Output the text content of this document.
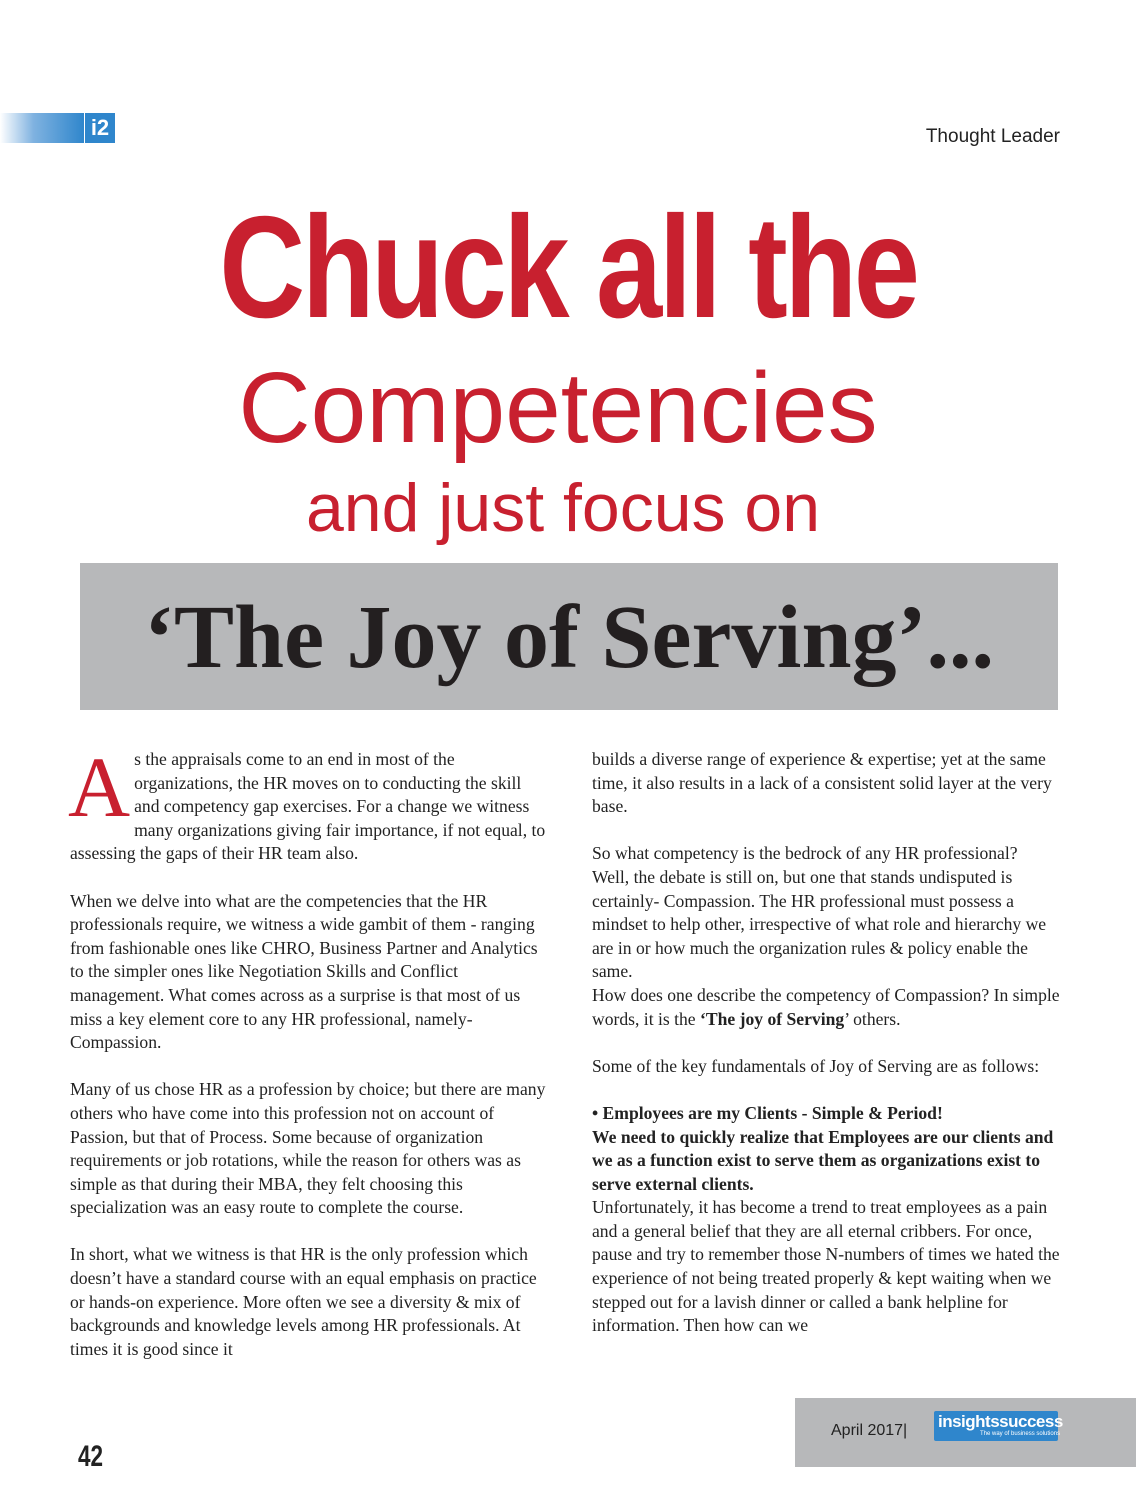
i2	Thought Leader
Chuck all the
Competencies
and just focus on
‘The Joy of Serving’...

As the appraisals come to an end in most of the organizations, the HR moves on to conducting the skill and competency gap exercises. For a change we witness many organizations giving fair importance, if not equal, to assessing the gaps of their HR team also.

When we delve into what are the competencies that the HR professionals require, we witness a wide gambit of them - ranging from fashionable ones like CHRO, Business Partner and Analytics to the simpler ones like Negotiation Skills and Conflict management. What comes across as a surprise is that most of us miss a key element core to any HR professional, namely- Compassion.

Many of us chose HR as a profession by choice; but there are many others who have come into this profession not on account of Passion, but that of Process. Some because of organization requirements or job rotations, while the reason for others was as simple as that during their MBA, they felt choosing this specialization was an easy route to complete the course.

In short, what we witness is that HR is the only profession which doesn’t have a standard course with an equal emphasis on practice or hands-on experience. More often we see a diversity & mix of backgrounds and knowledge levels among HR professionals. At times it is good since it

builds a diverse range of experience & expertise; yet at the same time, it also results in a lack of a consistent solid layer at the very base.

So what competency is the bedrock of any HR professional?

Well, the debate is still on, but one that stands undisputed is certainly- Compassion. The HR professional must possess a mindset to help other, irrespective of what role and hierarchy we are in or how much the organization rules & policy enable the same.

How does one describe the competency of Compassion? In simple words, it is the ‘The joy of Serving’ others.

Some of the key fundamentals of Joy of Serving are as follows:

• Employees are my Clients - Simple & Period!

We need to quickly realize that Employees are our clients and we as a function exist to serve them as organizations exist to serve external clients.

Unfortunately, it has become a trend to treat employees as a pain and a general belief that they are all eternal cribbers. For once, pause and try to remember those N-numbers of times we hated the experience of not being treated properly & kept waiting when we stepped out for a lavish dinner or called a bank helpline for information. Then how can we

42
April 2017| insightssuccess
The way of business solutions
